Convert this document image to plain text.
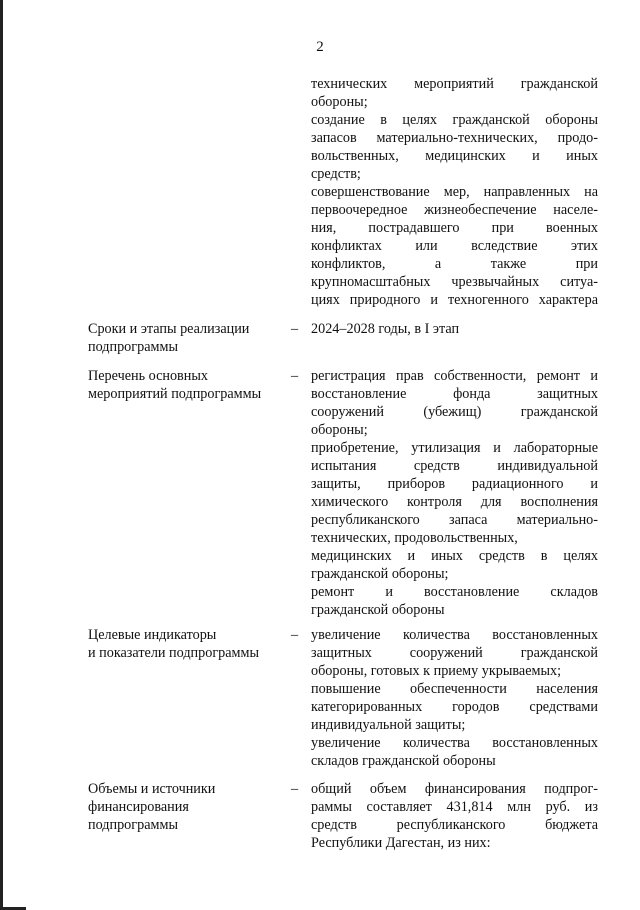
2
технических мероприятий гражданской
обороны;
создание в целях гражданской обороны
запасов материально-технических, продо-
вольственных, медицинских и иных
средств;
совершенствование мер, направленных на
первоочередное жизнеобеспечение населе-
ния, пострадавшего при военных
конфликтах или вследствие этих
конфликтов, а также при
крупномасштабных чрезвычайных ситуа-
циях природного и техногенного характера
Сроки и этапы реализации
подпрограммы
– 2024–2028 годы, в I этап
Перечень основных
мероприятий подпрограммы
– регистрация прав собственности, ремонт и
восстановление фонда защитных
сооружений (убежищ) гражданской
обороны;
приобретение, утилизация и лабораторные
испытания средств индивидуальной
защиты, приборов радиационного и
химического контроля для восполнения
республиканского запаса материально-
технических, продовольственных,
медицинских и иных средств в целях
гражданской обороны;
ремонт и восстановление складов
гражданской обороны
Целевые индикаторы
и показатели подпрограммы
– увеличение количества восстановленных
защитных сооружений гражданской
обороны, готовых к приему укрываемых;
повышение обеспеченности населения
категорированных городов средствами
индивидуальной защиты;
увеличение количества восстановленных
складов гражданской обороны
Объемы и источники
финансирования
подпрограммы
– общий объем финансирования подпрог-
раммы составляет 431,814 млн руб. из
средств республиканского бюджета
Республики Дагестан, из них:
